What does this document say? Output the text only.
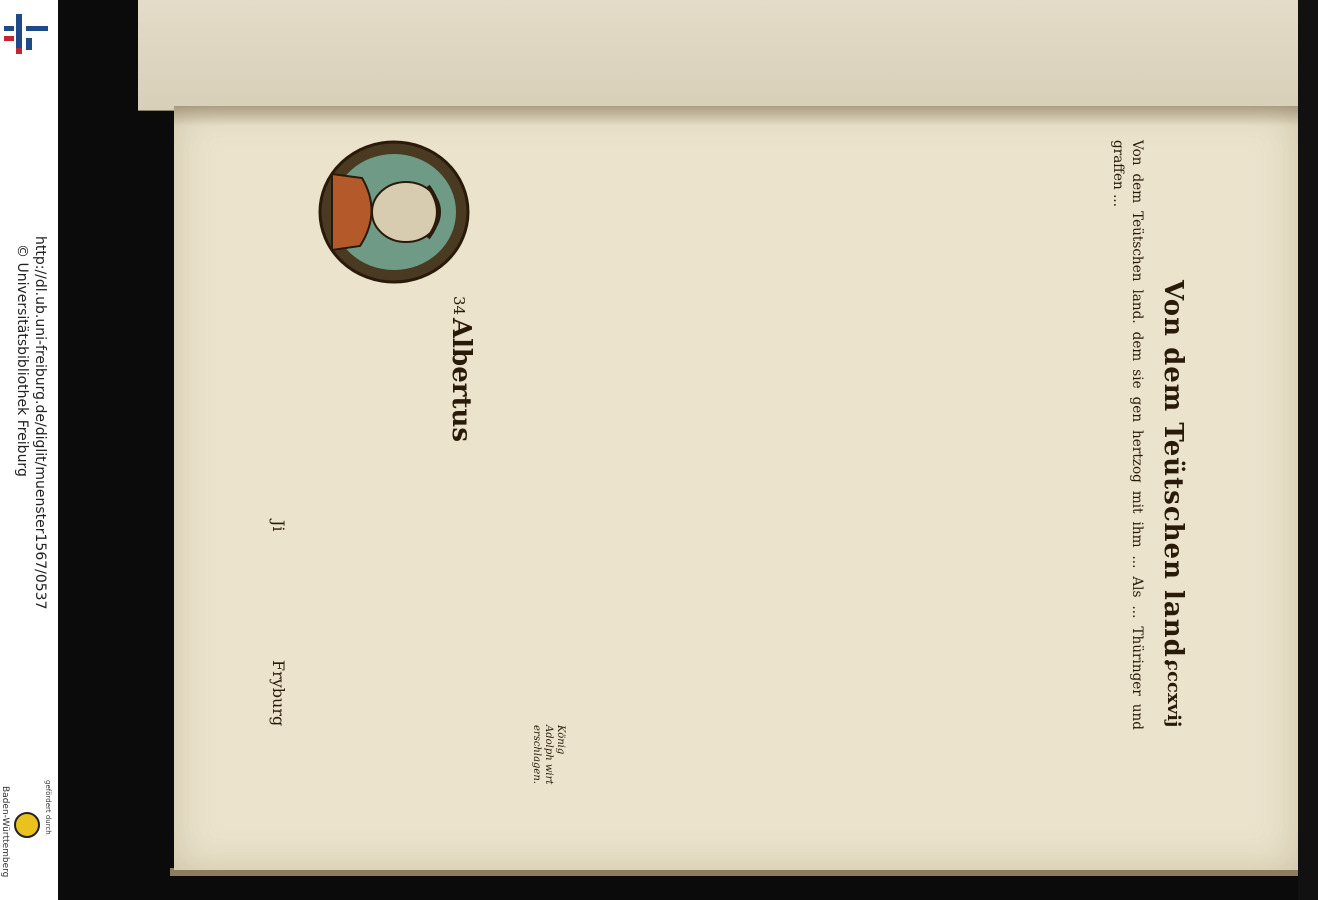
http://dl.ub.uni-freiburg.de/diglit/muenster1567/0537
© Universitätsbibliothek Freiburg
gefördert durch
Baden-Württemberg
Von dem Teütschen land.
cccxvij

Von dem Teütschen land. dem sie gen hertzog mit ihm ... Als ... Thüringer und graffen ...

34
Albertus
König Adolph wirt erschlagen.
Ji
Fryburg
